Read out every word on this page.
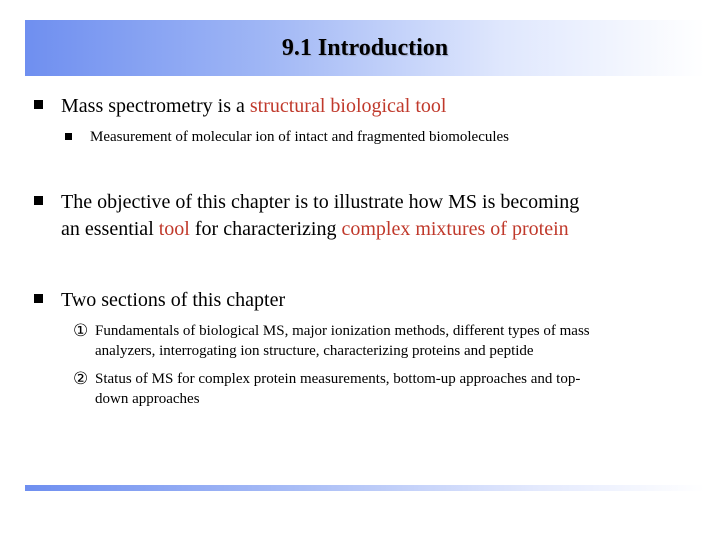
9.1 Introduction
Mass spectrometry is a structural biological tool
Measurement of molecular ion of intact and fragmented biomolecules
The objective of this chapter is to illustrate how MS is becoming
an essential tool for characterizing complex mixtures of protein
Two sections of this chapter
① Fundamentals of biological MS, major ionization methods, different types of mass
analyzers, interrogating ion structure, characterizing proteins and peptide
② Status of MS for complex protein measurements, bottom-up approaches and top-
down approaches
